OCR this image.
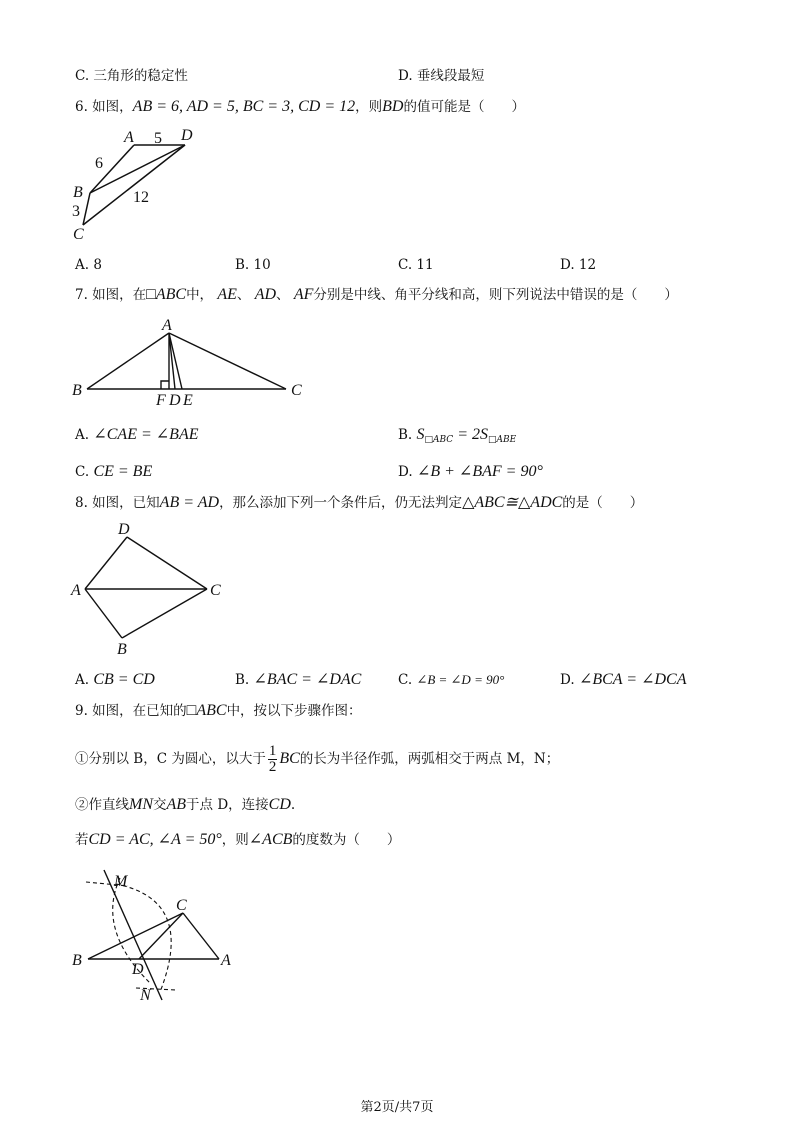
C. 三角形的稳定性	D. 垂线段最短
6. 如图，AB = 6, AD = 5, BC = 3, CD = 12，则BD的值可能是（　　）
A	D
B
C
5
6
3
12
A. 8	B. 10	C. 11	D. 12
7. 如图，在□ABC中， AE、 AD、 AF分别是中线、角平分线和高，则下列说法中错误的是（　　）
A
B	C
F D E
A. ∠CAE = ∠BAE	B. $S_{□ABC} = 2S_{□ABE}$
C. CE = BE	D. ∠B + ∠BAF = 90°
8. 如图，已知AB = AD，那么添加下列一个条件后，仍无法判定△ABC≅△ADC的是（　　）
D
A	C
B
A. CB = CD	B. ∠BAC = ∠DAC	C. ∠B = ∠D = 90°	D. ∠BCA = ∠DCA
9. 如图，在已知的□ABC中，按以下步骤作图：
①分别以 B，C 为圆心，以大于 $\frac{1}{2}$ BC的长为半径作弧，两弧相交于两点 M，N；
②作直线MN交AB于点 D，连接CD.
若CD = AC, ∠A = 50°，则∠ACB的度数为（　　）
M
C
B
D
A
N
第2页/共7页
